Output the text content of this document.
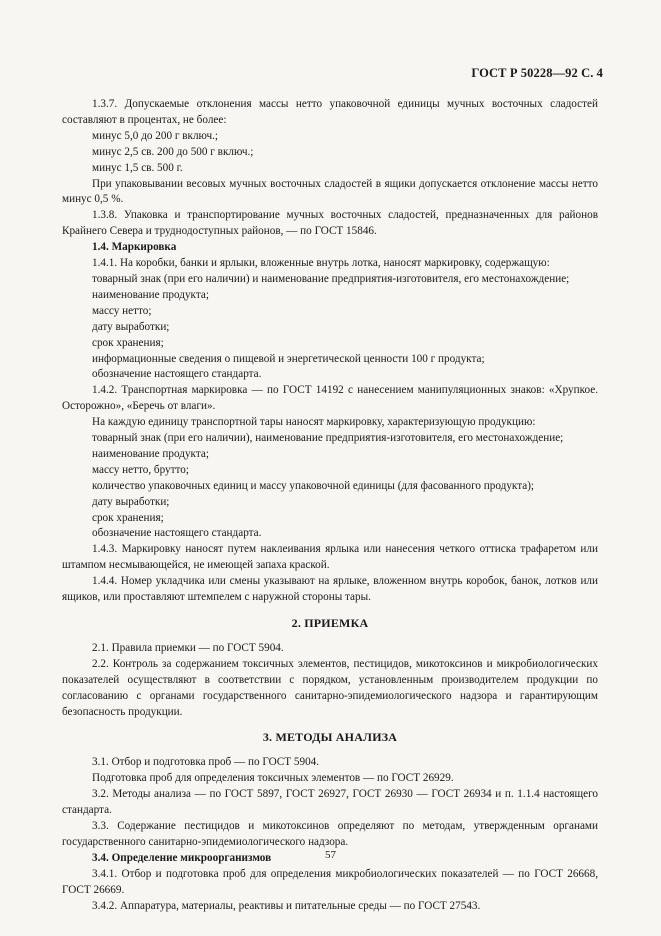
ГОСТ Р 50228—92 С. 4

1.3.7. Допускаемые отклонения массы нетто упаковочной единицы мучных восточных сладостей составляют в процентах, не более:

минус 5,0 до 200 г включ.;

минус 2,5 св. 200 до 500 г включ.;

минус 1,5 св. 500 г.

При упаковывании весовых мучных восточных сладостей в ящики допускается отклонение массы нетто минус 0,5 %.

1.3.8. Упаковка и транспортирование мучных восточных сладостей, предназначенных для районов Крайнего Севера и труднодоступных районов, — по ГОСТ 15846.

1.4. Маркировка

1.4.1. На коробки, банки и ярлыки, вложенные внутрь лотка, наносят маркировку, содержащую:

товарный знак (при его наличии) и наименование предприятия-изготовителя, его местонахождение;

наименование продукта;

массу нетто;

дату выработки;

срок хранения;

информационные сведения о пищевой и энергетической ценности 100 г продукта;

обозначение настоящего стандарта.

1.4.2. Транспортная маркировка — по ГОСТ 14192 с нанесением манипуляционных знаков: «Хрупкое. Осторожно», «Беречь от влаги».

На каждую единицу транспортной тары наносят маркировку, характеризующую продукцию:

товарный знак (при его наличии), наименование предприятия-изготовителя, его местонахождение;

наименование продукта;

массу нетто, брутто;

количество упаковочных единиц и массу упаковочной единицы (для фасованного продукта);

дату выработки;

срок хранения;

обозначение настоящего стандарта.

1.4.3. Маркировку наносят путем наклеивания ярлыка или нанесения четкого оттиска трафаретом или штампом несмывающейся, не имеющей запаха краской.

1.4.4. Номер укладчика или смены указывают на ярлыке, вложенном внутрь коробок, банок, лотков или ящиков, или проставляют штемпелем с наружной стороны тары.

2. ПРИЕМКА

2.1. Правила приемки — по ГОСТ 5904.

2.2. Контроль за содержанием токсичных элементов, пестицидов, микотоксинов и микробиологических показателей осуществляют в соответствии с порядком, установленным производителем продукции по согласованию с органами государственного санитарно-эпидемиологического надзора и гарантирующим безопасность продукции.

3. МЕТОДЫ АНАЛИЗА

3.1. Отбор и подготовка проб — по ГОСТ 5904.

Подготовка проб для определения токсичных элементов — по ГОСТ 26929.

3.2. Методы анализа — по ГОСТ 5897, ГОСТ 26927, ГОСТ 26930 — ГОСТ 26934 и п. 1.1.4 настоящего стандарта.

3.3. Содержание пестицидов и микотоксинов определяют по методам, утвержденным органами государственного санитарно-эпидемиологического надзора.

3.4. Определение микроорганизмов

3.4.1. Отбор и подготовка проб для определения микробиологических показателей — по ГОСТ 26668, ГОСТ 26669.

3.4.2. Аппаратура, материалы, реактивы и питательные среды — по ГОСТ 27543.

57
